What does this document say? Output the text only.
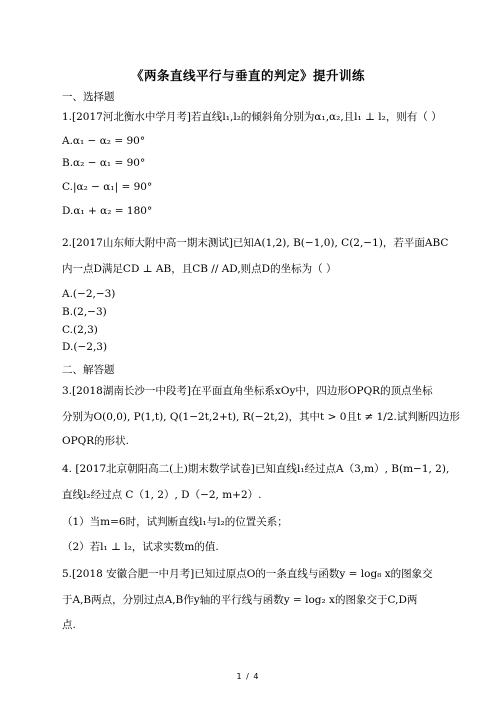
《两条直线平行与垂直的判定》提升训练
一、选择题
1.[2017河北衡水中学月考]若直线l₁,l₂的倾斜角分别为α₁,α₂,且l₁ ⊥ l₂，则有（ ）
A.α₁ − α₂ = 90°
B.α₂ − α₁ = 90°
C.|α₂ − α₁| = 90°
D.α₁ + α₂ = 180°
2.[2017山东师大附中高一期末测试]已知A(1,2), B(−1,0), C(2,−1)，若平面ABC
内一点D满足CD ⊥ AB，且CB // AD,则点D的坐标为（ ）
A.(−2,−3)
B.(2,−3)
C.(2,3)
D.(−2,3)
二、解答题
3.[2018湖南长沙一中段考]在平面直角坐标系xOy中，四边形OPQR的顶点坐标
分别为O(0,0), P(1,t), Q(1−2t,2+t), R(−2t,2)，其中t > 0且t ≠ 1/2.试判断四边形
OPQR的形状.
4. [2017北京朝阳高二(上)期末数学试卷]已知直线l₁经过点A（3,m）, B(m−1, 2),
直线l₂经过点 C（1, 2）, D（−2, m+2）.
（1）当m=6时，试判断直线l₁与l₂的位置关系；
（2）若l₁ ⊥ l₂，试求实数m的值.
5.[2018 安徽合肥一中月考]已知过原点O的一条直线与函数y = log₈ x的图象交
于A,B两点，分别过点A,B作y轴的平行线与函数y = log₂ x的图象交于C,D两
点.
1 / 4
